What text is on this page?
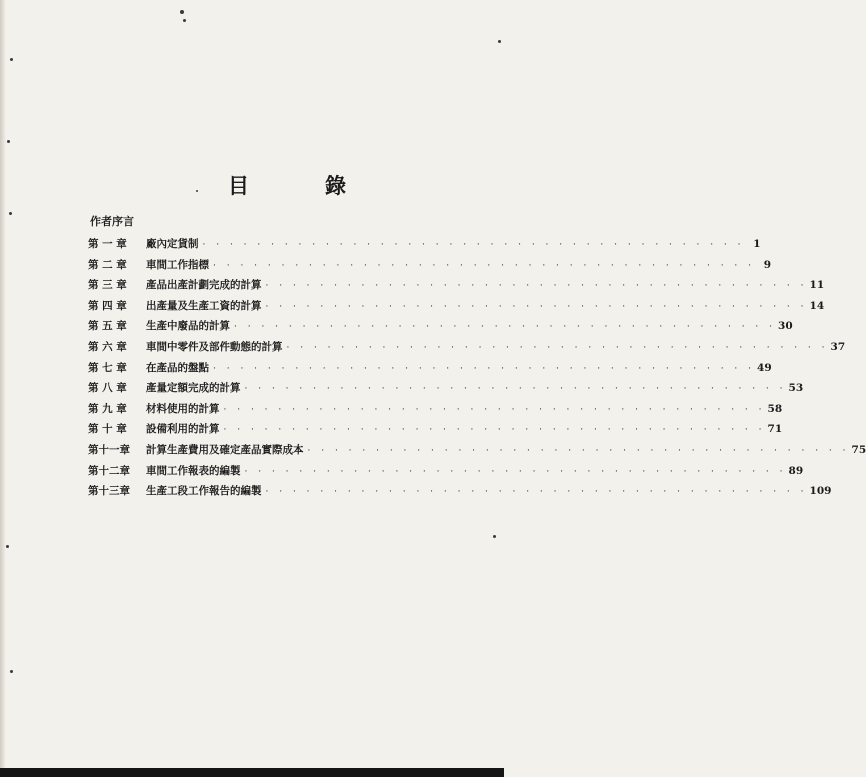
目	錄
作者序言
第 一 章	廠內定貨制 · · · · · · · · · · · · · · · · · · · · · · · · · · · · · · · · · · · · · · · · 1
第 二 章	車間工作指標 · · · · · · · · · · · · · · · · · · · · · · · · · · · · · · · · · · · · · · · · 9
第 三 章	產品出產計劃完成的計算 · · · · · · · · · · · · · · · · · · · · · · · · · · · · · · · · · · · · · · · · 11
第 四 章	出產量及生產工資的計算 · · · · · · · · · · · · · · · · · · · · · · · · · · · · · · · · · · · · · · · · 14
第 五 章	生產中廢品的計算 · · · · · · · · · · · · · · · · · · · · · · · · · · · · · · · · · · · · · · · · 30
第 六 章	車間中零件及部件動態的計算 · · · · · · · · · · · · · · · · · · · · · · · · · · · · · · · · · · · · · · · · 37
第 七 章	在產品的盤點 · · · · · · · · · · · · · · · · · · · · · · · · · · · · · · · · · · · · · · · · 49
第 八 章	產量定額完成的計算 · · · · · · · · · · · · · · · · · · · · · · · · · · · · · · · · · · · · · · · · 53
第 九 章	材料使用的計算 · · · · · · · · · · · · · · · · · · · · · · · · · · · · · · · · · · · · · · · · 58
第 十 章	設備利用的計算 · · · · · · · · · · · · · · · · · · · · · · · · · · · · · · · · · · · · · · · · 71
第十一章	計算生產費用及確定產品實際成本 · · · · · · · · · · · · · · · · · · · · · · · · · · · · · · · · · · · · · · · · 75
第十二章	車間工作報表的編製 · · · · · · · · · · · · · · · · · · · · · · · · · · · · · · · · · · · · · · · · 89
第十三章	生產工段工作報告的編製 · · · · · · · · · · · · · · · · · · · · · · · · · · · · · · · · · · · · · · · · 109
